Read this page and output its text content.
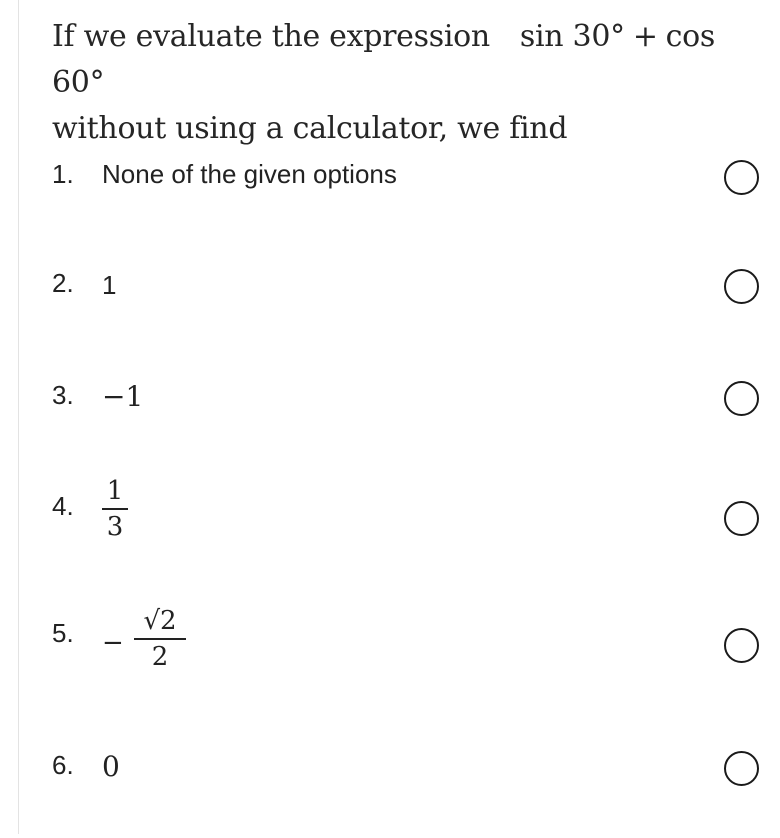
If we evaluate the expression sin 30° + cos 60°
without using a calculator, we find
1. None of the given options
2. 1
3. −1
4. 1
3
5. −
√2
2
6. 0
